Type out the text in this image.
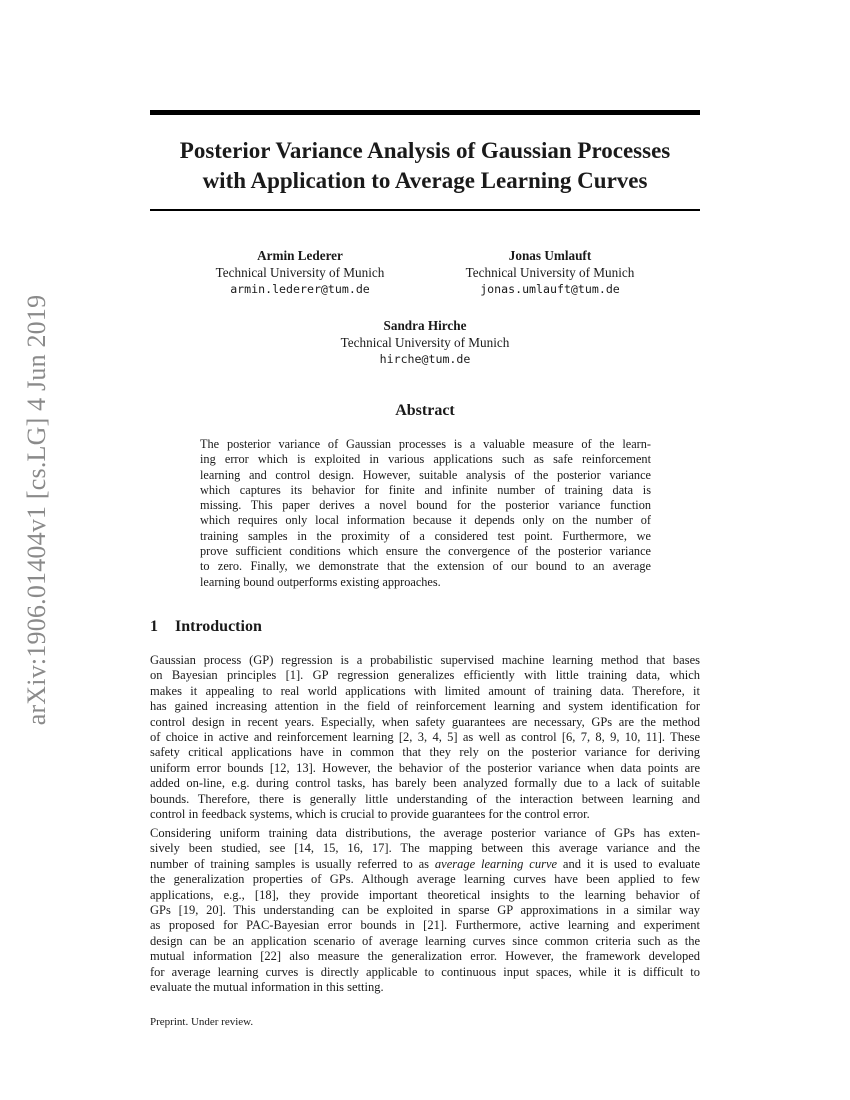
arXiv:1906.01404v1 [cs.LG] 4 Jun 2019
Posterior Variance Analysis of Gaussian Processes
with Application to Average Learning Curves
Armin Lederer
Technical University of Munich
armin.lederer@tum.de
Jonas Umlauft
Technical University of Munich
jonas.umlauft@tum.de
Sandra Hirche
Technical University of Munich
hirche@tum.de
Abstract
The posterior variance of Gaussian processes is a valuable measure of the learn-
ing error which is exploited in various applications such as safe reinforcement
learning and control design. However, suitable analysis of the posterior variance
which captures its behavior for finite and infinite number of training data is
missing. This paper derives a novel bound for the posterior variance function
which requires only local information because it depends only on the number of
training samples in the proximity of a considered test point. Furthermore, we
prove sufficient conditions which ensure the convergence of the posterior variance
to zero. Finally, we demonstrate that the extension of our bound to an average
learning bound outperforms existing approaches.
1 Introduction
Gaussian process (GP) regression is a probabilistic supervised machine learning method that bases
on Bayesian principles [1]. GP regression generalizes efficiently with little training data, which
makes it appealing to real world applications with limited amount of training data. Therefore, it
has gained increasing attention in the field of reinforcement learning and system identification for
control design in recent years. Especially, when safety guarantees are necessary, GPs are the method
of choice in active and reinforcement learning [2, 3, 4, 5] as well as control [6, 7, 8, 9, 10, 11]. These
safety critical applications have in common that they rely on the posterior variance for deriving
uniform error bounds [12, 13]. However, the behavior of the posterior variance when data points are
added on-line, e.g. during control tasks, has barely been analyzed formally due to a lack of suitable
bounds. Therefore, there is generally little understanding of the interaction between learning and
control in feedback systems, which is crucial to provide guarantees for the control error.
Considering uniform training data distributions, the average posterior variance of GPs has exten-
sively been studied, see [14, 15, 16, 17]. The mapping between this average variance and the
number of training samples is usually referred to as average learning curve and it is used to evaluate
the generalization properties of GPs. Although average learning curves have been applied to few
applications, e.g., [18], they provide important theoretical insights to the learning behavior of
GPs [19, 20]. This understanding can be exploited in sparse GP approximations in a similar way
as proposed for PAC-Bayesian error bounds in [21]. Furthermore, active learning and experiment
design can be an application scenario of average learning curves since common criteria such as the
mutual information [22] also measure the generalization error. However, the framework developed
for average learning curves is directly applicable to continuous input spaces, while it is difficult to
evaluate the mutual information in this setting.
Preprint. Under review.
